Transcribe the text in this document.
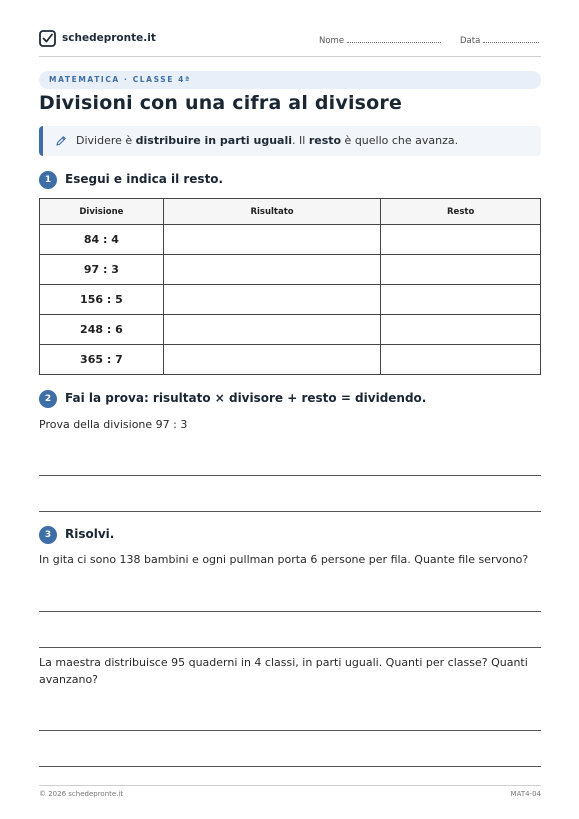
schedepronte.it	Nome	Data
MATEMATICA · CLASSE 4ª
Divisioni con una cifra al divisore
Dividere è distribuire in parti uguali. Il resto è quello che avanza.
1	Esegui e indica il resto.
Divisione	Risultato	Resto
84 : 4		
97 : 3		
156 : 5		
248 : 6		
365 : 7		
2	Fai la prova: risultato × divisore + resto = dividendo.
Prova della divisione 97 : 3
3	Risolvi.
In gita ci sono 138 bambini e ogni pullman porta 6 persone per fila. Quante file servono?
La maestra distribuisce 95 quaderni in 4 classi, in parti uguali. Quanti per classe? Quanti avanzano?
© 2026 schedepronte.it	MAT4-04
